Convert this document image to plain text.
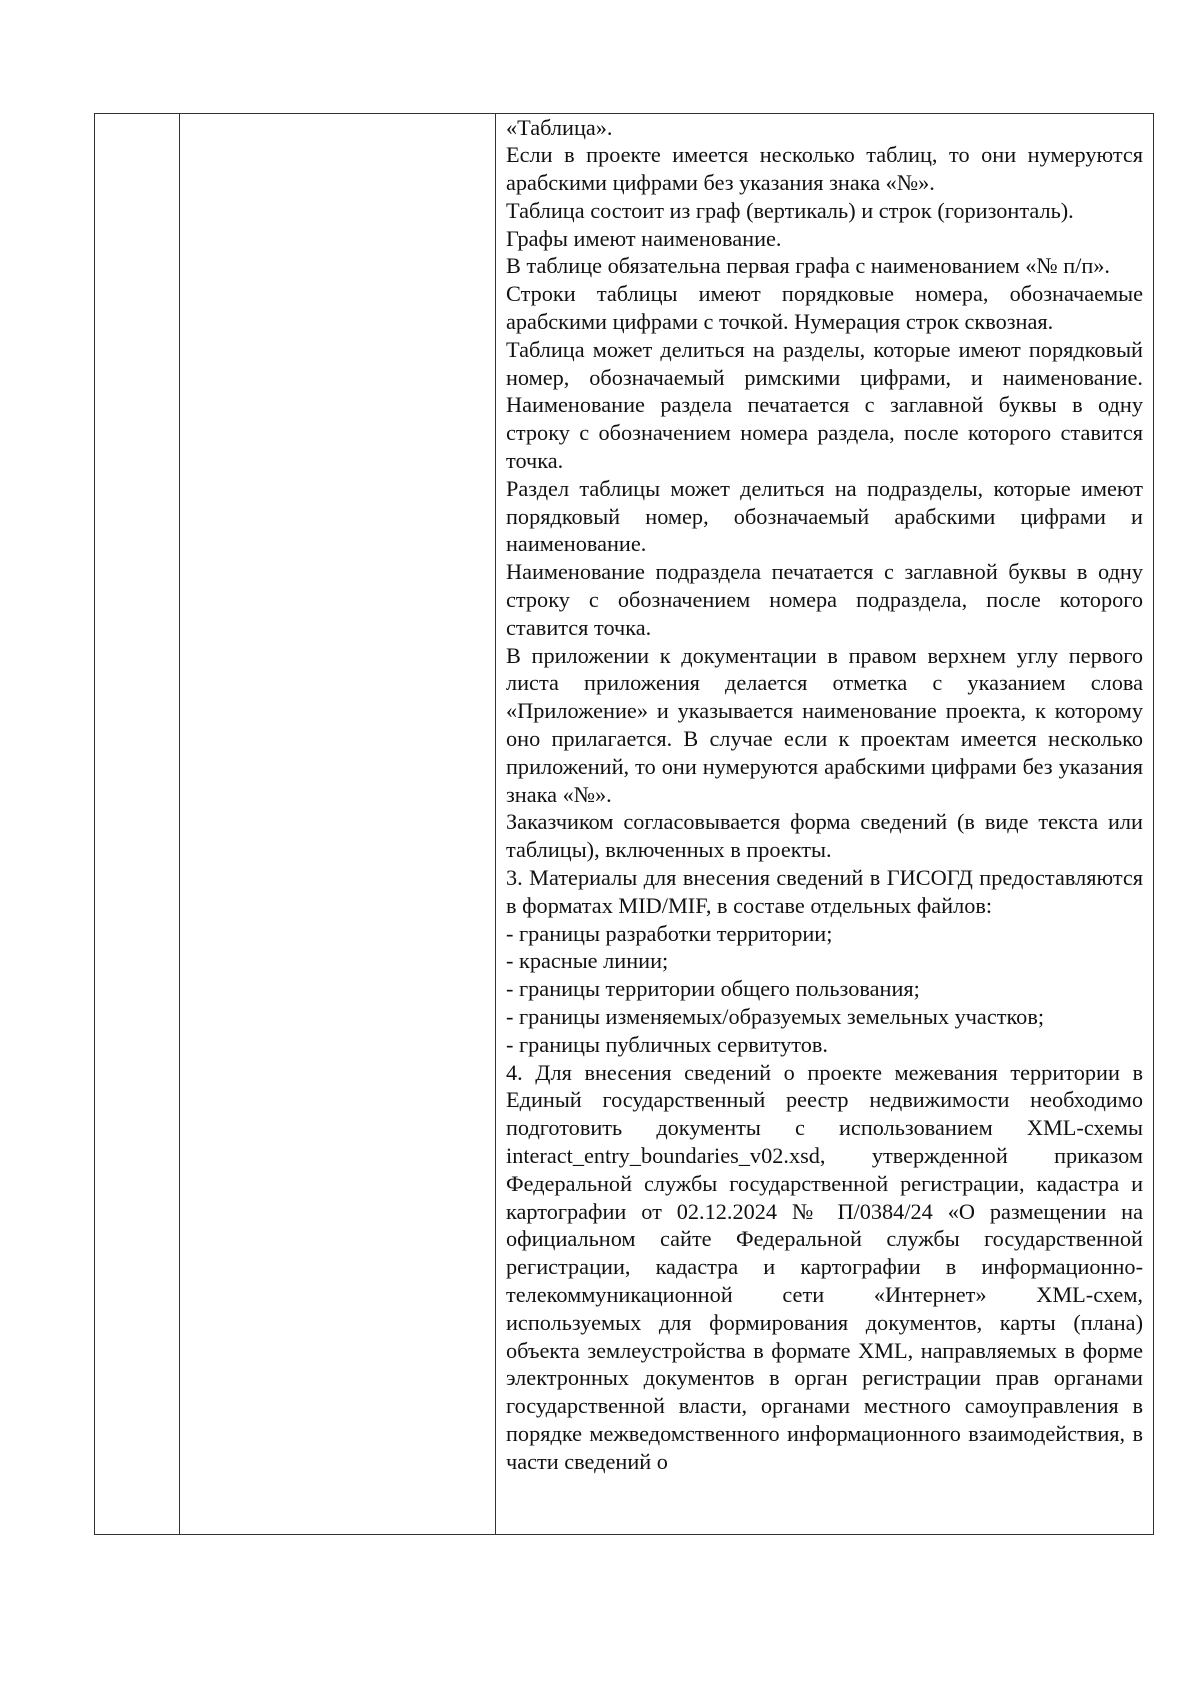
«Таблица».

Если в проекте имеется несколько таблиц, то они нумеруются арабскими цифрами без указания знака «№».

Таблица состоит из граф (вертикаль) и строк (горизонталь).

Графы имеют наименование.

В таблице обязательна первая графа с наименованием «№ п/п».

Строки таблицы имеют порядковые номера, обозначаемые арабскими цифрами с точкой. Нумерация строк сквозная.

Таблица может делиться на разделы, которые имеют порядковый номер, обозначаемый римскими цифрами, и наименование. Наименование раздела печатается с заглавной буквы в одну строку с обозначением номера раздела, после которого ставится точка.

Раздел таблицы может делиться на подразделы, которые имеют порядковый номер, обозначаемый арабскими цифрами и наименование.

Наименование подраздела печатается с заглавной буквы в одну строку с обозначением номера подраздела, после которого ставится точка.

В приложении к документации в правом верхнем углу первого листа приложения делается отметка с указанием слова «Приложение» и указывается наименование проекта, к которому оно прилагается. В случае если к проектам имеется несколько приложений, то они нумеруются арабскими цифрами без указания знака «№».

Заказчиком согласовывается форма сведений (в виде текста или таблицы), включенных в проекты.

3. Материалы для внесения сведений в ГИСОГД предоставляются в форматах MID/MIF, в составе отдельных файлов:

- границы разработки территории;

- красные линии;

- границы территории общего пользования;

- границы изменяемых/образуемых земельных участков;

- границы публичных сервитутов.

4. Для внесения сведений о проекте межевания территории в Единый государственный реестр недвижимости необходимо подготовить документы с использованием XML-схемы interact_entry_boundaries_v02.xsd, утвержденной приказом Федеральной службы государственной регистрации, кадастра и картографии от 02.12.2024 № П/0384/24 «О размещении на официальном сайте Федеральной службы государственной регистрации, кадастра и картографии в информационно-телекоммуникационной сети «Интернет» XML-схем, используемых для формирования документов, карты (плана) объекта землеустройства в формате XML, направляемых в форме электронных документов в орган регистрации прав органами государственной власти, органами местного самоуправления в порядке межведомственного информационного взаимодействия, в части сведений о
